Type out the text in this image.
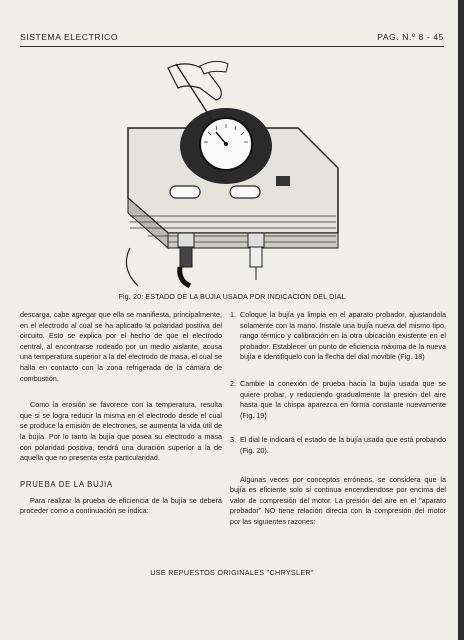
SISTEMA ELECTRICO	PAG. N.º 8 - 45
Fig. 20: ESTADO DE LA BUJIA USADA POR INDICACION DEL DIAL

descarga, cabe agregar que ella se manifiesta, principalmente, en el electrodo al cual se ha aplicado la polaridad positiva del circuito. Esto se explica por el hecho de que el electrodo central, al encontrarse rodeado por un medio aislante, acusa una temperatura superior a la del electrodo de masa, el cual se halla en contacto con la zona refrigerada de la cámara de combustión.

Como la erosión se favorece con la temperatura, resulta que si se logra reducir la misma en el electrodo desde el cual se produce la emisión de electrones, se aumenta la vida útil de la bujía. Por lo tanto la bujía que posea su electrodo a masa con polaridad positiva, tendrá una duración superior a la de aquella que no presenta esta particularidad.

PRUEBA DE LA BUJIA

Para realizar la prueba de eficiencia de la bujía se deberá proceder como a continuación se indica:

1. Coloque la bujía ya limpia en el aparato probador, ajustandola solamente con la mano. Instale una bujía nueva del mismo tipo, rango térmico y calibración en la otra ubicación existente en el probador. Establecer un punto de eficiencia máxima de la nueva bujía e identifiquelo con la flecha del dial movible (Fig. 18)

2. Cambie la conexión de prueba hacia la bujía usada que se quiere probar, y reduciendo gradualmente la presión del aire hasta que la chispa aparezca en forma constante nuevamente (Fig. 19)

3. El dial le indicará el estado de la bujía usada que está probando (Fig. 20).

Algunas veces por conceptos erróneos, se considera que la bujía es eficiente solo si continua encendiendose por encima del valor de compresión del motor. La presión del aire en el "aparato probador" NO tiene relación directa con la compresión del motor por las siguientes razones:

USE REPUESTOS ORIGINALES "CHRYSLER"
